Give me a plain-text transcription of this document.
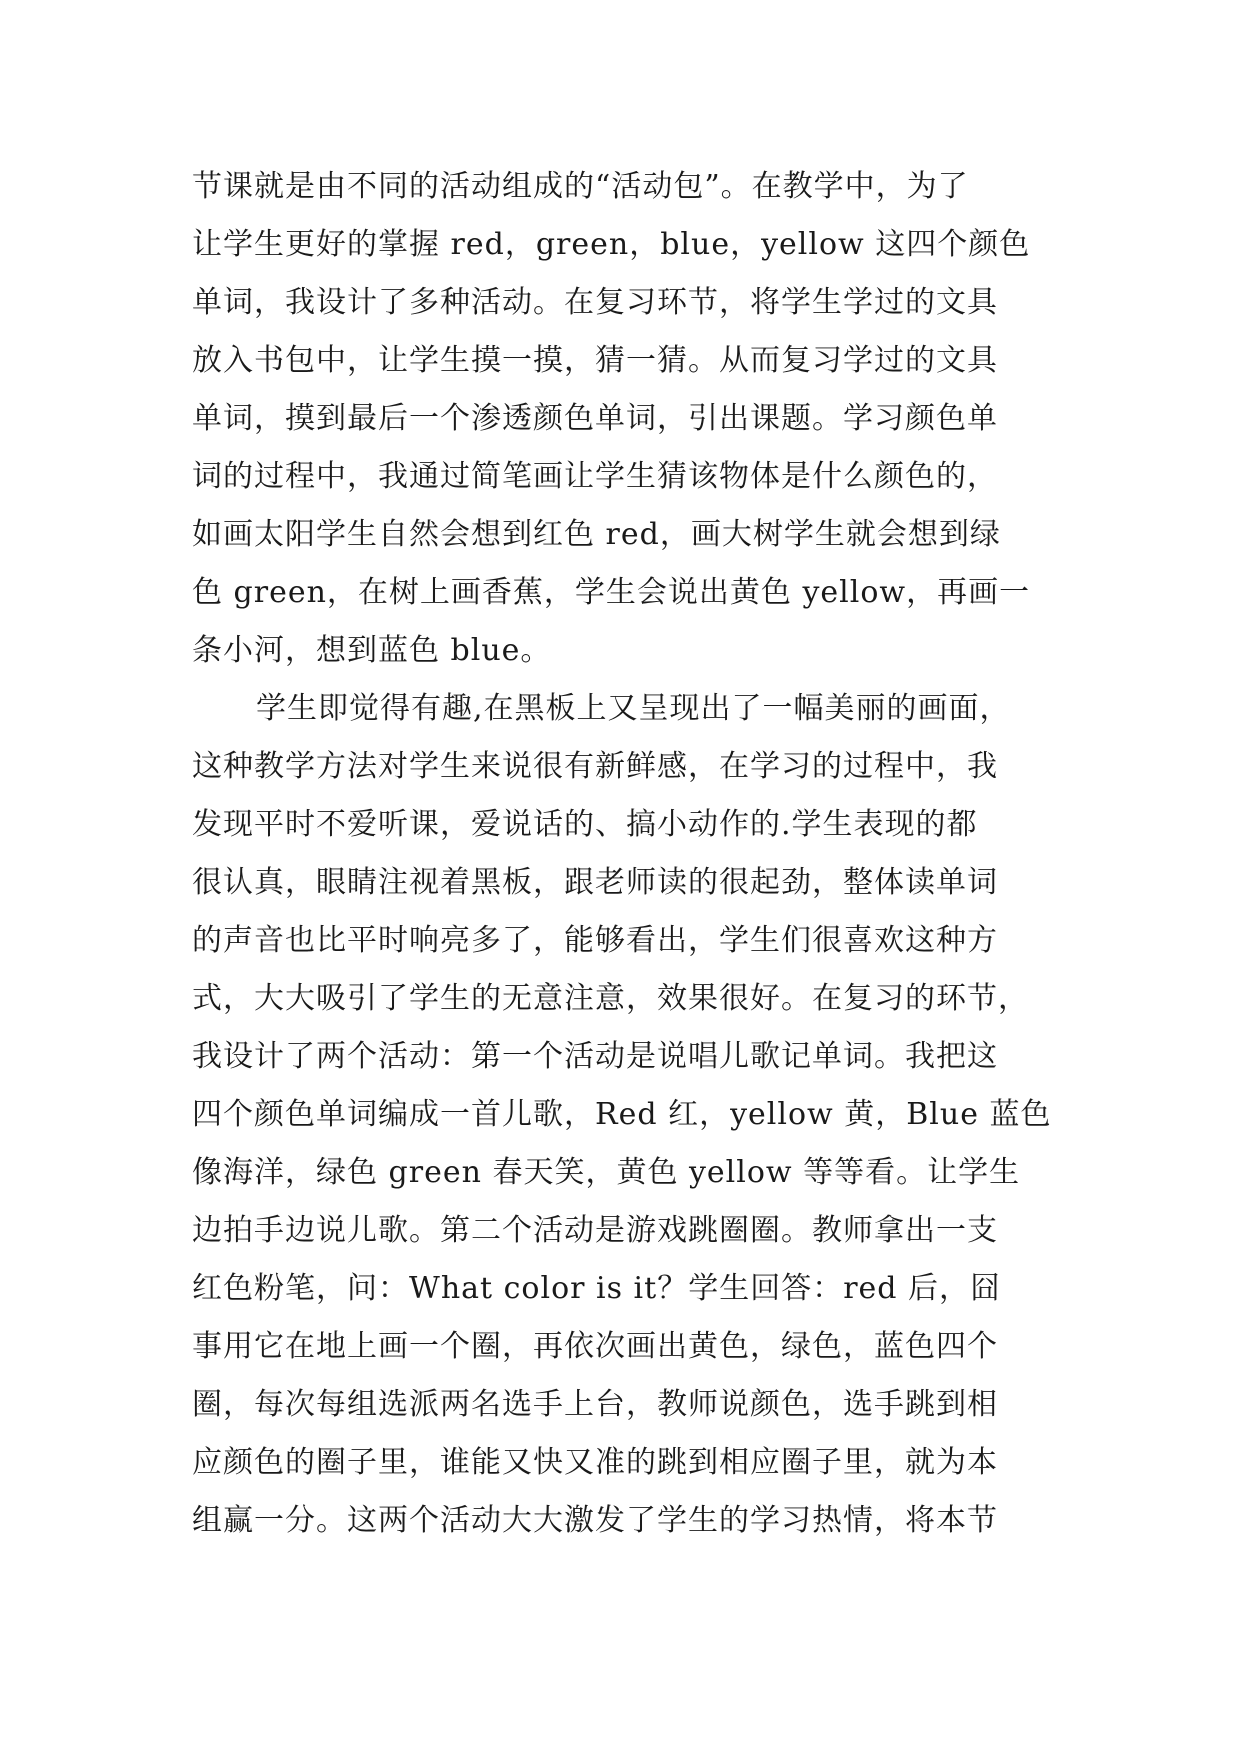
节课就是由不同的活动组成的“活动包”。在教学中，为了
让学生更好的掌握 red，green，blue，yellow 这四个颜色
单词，我设计了多种活动。在复习环节，将学生学过的文具
放入书包中，让学生摸一摸，猜一猜。从而复习学过的文具
单词，摸到最后一个渗透颜色单词，引出课题。学习颜色单
词的过程中，我通过简笔画让学生猜该物体是什么颜色的，
如画太阳学生自然会想到红色 red，画大树学生就会想到绿
色 green，在树上画香蕉，学生会说出黄色 yellow，再画一
条小河，想到蓝色 blue。
学生即觉得有趣,在黑板上又呈现出了一幅美丽的画面，
这种教学方法对学生来说很有新鲜感，在学习的过程中，我
发现平时不爱听课，爱说话的、搞小动作的.学生表现的都
很认真，眼睛注视着黑板，跟老师读的很起劲，整体读单词
的声音也比平时响亮多了，能够看出，学生们很喜欢这种方
式，大大吸引了学生的无意注意，效果很好。在复习的环节，
我设计了两个活动：第一个活动是说唱儿歌记单词。我把这
四个颜色单词编成一首儿歌，Red 红，yellow 黄，Blue 蓝色
像海洋，绿色 green 春天笑，黄色 yellow 等等看。让学生
边拍手边说儿歌。第二个活动是游戏跳圈圈。教师拿出一支
红色粉笔，问：What color is it？学生回答：red 后，囧
事用它在地上画一个圈，再依次画出黄色，绿色，蓝色四个
圈，每次每组选派两名选手上台，教师说颜色，选手跳到相
应颜色的圈子里，谁能又快又准的跳到相应圈子里，就为本
组赢一分。这两个活动大大激发了学生的学习热情，将本节
